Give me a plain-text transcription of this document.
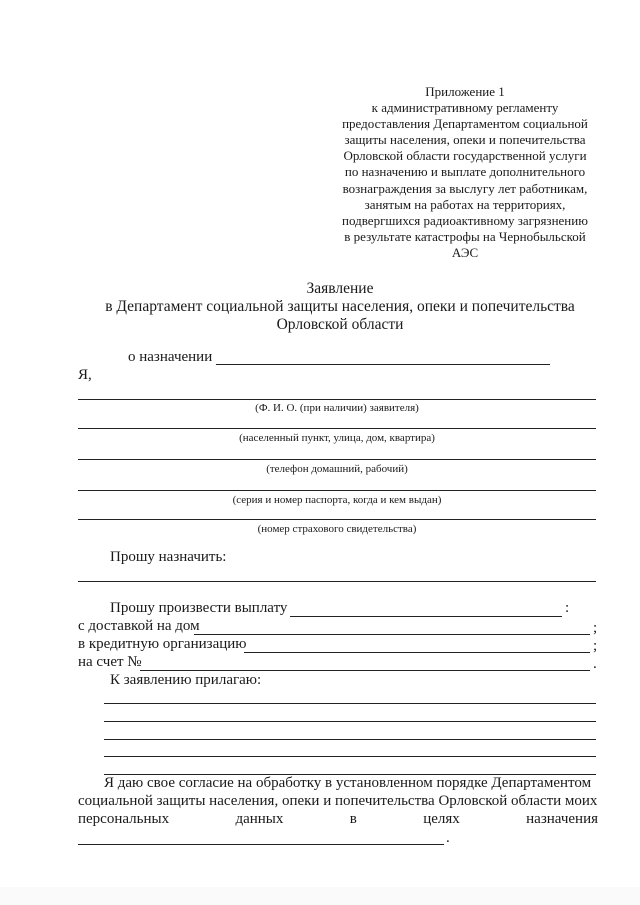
Приложение 1
к административному регламенту
предоставления Департаментом социальной
защиты населения, опеки и попечительства
Орловской области государственной услуги
по назначению и выплате дополнительного
вознаграждения за выслугу лет работникам,
занятым на работах на территориях,
подвергшихся радиоактивному загрязнению
в результате катастрофы на Чернобыльской
АЭС
Заявление
в Департамент социальной защиты населения, опеки и попечительства
Орловской области
о назначении
Я,
(Ф. И. О. (при наличии) заявителя)
(населенный пункт, улица, дом, квартира)
(телефон домашний, рабочий)
(серия и номер паспорта, когда и кем выдан)
(номер страхового свидетельства)
Прошу назначить:
Прошу произвести выплату	:
с доставкой на дом	;
в кредитную организацию	;
на счет №	.
К заявлению прилагаю:
Я даю свое согласие на обработку в установленном порядке Департаментом
социальной защиты населения, опеки и попечительства Орловской области моих
персональных	данных	в	целях	назначения
.
